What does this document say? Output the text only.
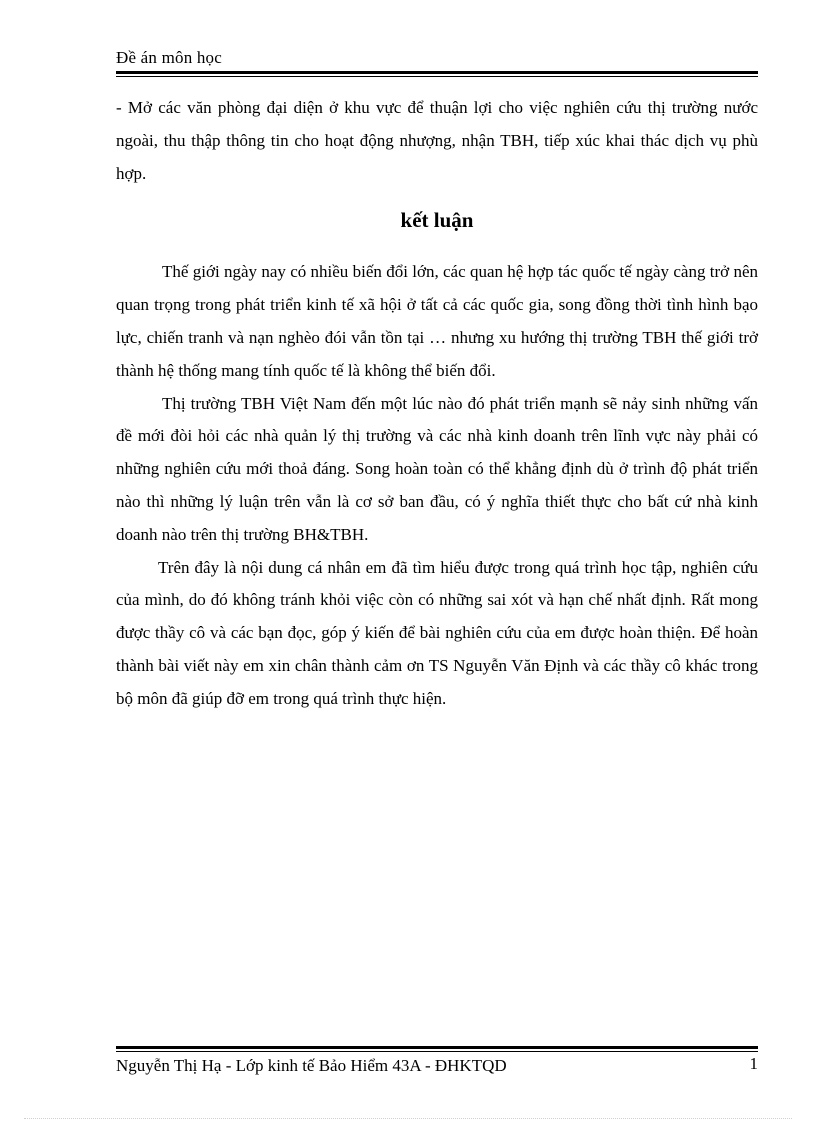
Đề án môn học

- Mở các văn phòng đại diện ở khu vực để thuận lợi cho việc nghiên cứu thị trường nước ngoài, thu thập thông tin cho hoạt động nhượng, nhận TBH, tiếp xúc khai thác dịch vụ phù hợp.

kết luận

Thế giới ngày nay có nhiều biến đổi lớn, các quan hệ hợp tác quốc tế ngày càng trở nên quan trọng trong phát triển kinh tế xã hội ở tất cả các quốc gia, song đồng thời tình hình bạo lực, chiến tranh và nạn nghèo đói vẫn tồn tại … nhưng xu hướng thị trường TBH thế giới trở thành hệ thống mang tính quốc tế là không thể biến đổi.

Thị trường TBH Việt Nam đến một lúc nào đó phát triển mạnh sẽ nảy sinh những vấn đề mới đòi hỏi các nhà quản lý thị trường và các nhà kinh doanh trên lĩnh vực này phải có những nghiên cứu mới thoả đáng. Song hoàn toàn có thể khẳng định dù ở trình độ phát triển nào thì những lý luận trên vẫn là cơ sở ban đầu, có ý nghĩa thiết thực cho bất cứ nhà kinh doanh nào trên thị trường BH&TBH.

Trên đây là nội dung cá nhân em đã tìm hiểu được trong quá trình học tập, nghiên cứu của mình, do đó không tránh khỏi việc còn có những sai xót và hạn chế nhất định. Rất mong được thầy cô và các bạn đọc, góp ý kiến để bài nghiên cứu của em được hoàn thiện. Để hoàn thành bài viết này em xin chân thành cảm ơn TS Nguyễn Văn Định và các thầy cô khác trong bộ môn đã giúp đỡ em trong quá trình thực hiện.

Nguyễn Thị Hạ - Lớp kinh tế Bảo Hiểm 43A - ĐHKTQD	1
